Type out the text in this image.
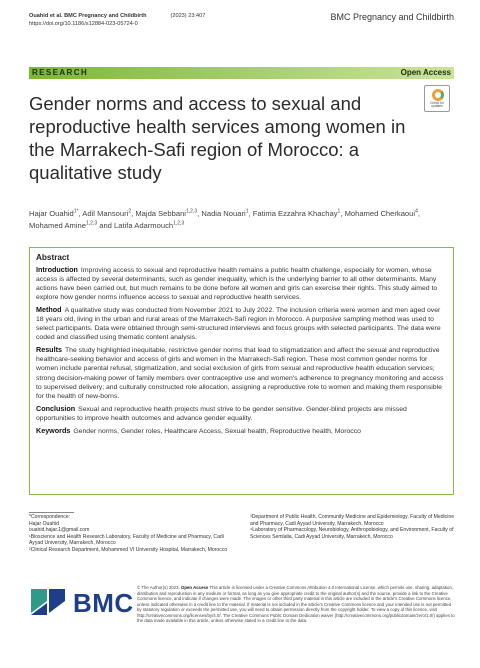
Ouahid et al. BMC Pregnancy and Childbirth	(2023) 23:407
https://doi.org/10.1186/s12884-023-05724-0
BMC Pregnancy and Childbirth
RESEARCH	Open Access
Gender norms and access to sexual and reproductive health services among women in the Marrakech-Safi region of Morocco: a qualitative study
Check for
updates
Hajar Ouahid$^{1*}$, Adil Mansouri$^2$, Majda Sebbani$^{1,2,3}$, Nadia Nouari$^1$, Fatima Ezzahra Khachay$^1$, Mohamed Cherkaoui$^4$, Mohamed Amine$^{1,2,3}$ and Latifa Adarmouch$^{1,2,3}$
Abstract

Introduction Improving access to sexual and reproductive health remains a public health challenge, especially for women, whose access is affected by several determinants, such as gender inequality, which is the underlying barrier to all other determinants. Many actions have been carried out, but much remains to be done before all women and girls can exercise their rights. This study aimed to explore how gender norms influence access to sexual and reproductive health services.

Method A qualitative study was conducted from November 2021 to July 2022. The inclusion criteria were women and men aged over 18 years old, living in the urban and rural areas of the Marrakech-Safi region in Morocco. A purposive sampling method was used to select participants. Data were obtained through semi-structured interviews and focus groups with selected participants. The data were coded and classified using thematic content analysis.

Results The study highlighted inequitable, restrictive gender norms that lead to stigmatization and affect the sexual and reproductive healthcare-seeking behavior and access of girls and women in the Marrakech-Safi region. These most common gender norms for women include parental refusal, stigmatization, and social exclusion of girls from sexual and reproductive health education services; strong decision-making power of family members over contraceptive use and women's adherence to pregnancy monitoring and access to supervised delivery; and culturally constructed role allocation, assigning a reproductive role to women and making them responsible for the health of new-borns.

Conclusion Sexual and reproductive health projects must strive to be gender sensitive. Gender-blind projects are missed opportunities to improve health outcomes and advance gender equality.

Keywords Gender norms, Gender roles, Healthcare Access, Sexual health, Reproductive health, Morocco

*Correspondence:
Hajar Ouahid
ouahid.hajar.1@gmail.com
¹Bioscience and Health Research Laboratory, Faculty of Medicine and Pharmacy, Cadi Ayyad University, Marrakech, Morocco
²Clinical Research Department, Mohammed VI University Hospital, Marrakech, Morocco
³Department of Public Health, Community Medicine and Epidemiology, Faculty of Medicine and Pharmacy, Cadi Ayyad University, Marrakech, Morocco
⁴Laboratory of Pharmacology, Neurobiology, Anthropobiology, and Environment, Faculty of Sciences Semlalia, Cadi Ayyad University, Marrakech, Morocco
BMC
© The Author(s) 2023. Open Access This article is licensed under a Creative Commons Attribution 4.0 International License, which permits use, sharing, adaptation, distribution and reproduction in any medium or format, as long as you give appropriate credit to the original author(s) and the source, provide a link to the Creative Commons licence, and indicate if changes were made. The images or other third party material in this article are included in the article's Creative Commons licence, unless indicated otherwise in a credit line to the material. If material is not included in the article's Creative Commons licence and your intended use is not permitted by statutory regulation or exceeds the permitted use, you will need to obtain permission directly from the copyright holder. To view a copy of this licence, visit http://creativecommons.org/licenses/by/4.0/. The Creative Commons Public Domain Dedication waiver (http://creativecommons.org/publicdomain/zero/1.0/) applies to the data made available in this article, unless otherwise stated in a credit line to the data.
